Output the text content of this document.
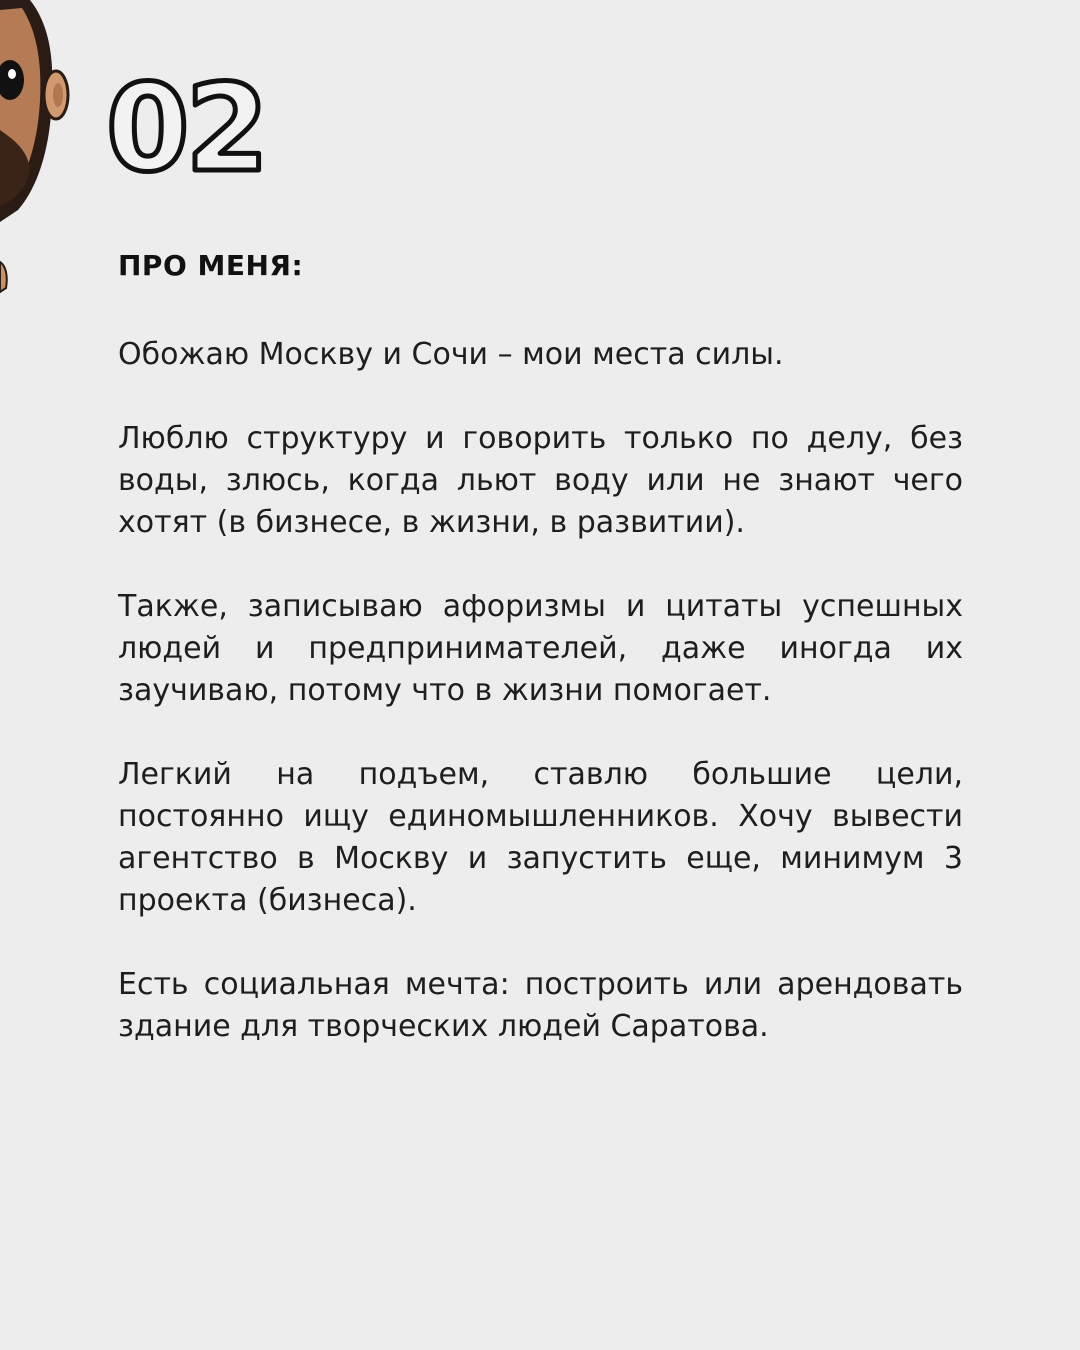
02
ПРО МЕНЯ:

Обожаю Москву и Сочи – мои места силы.

Люблю структуру и говорить только по делу, без воды, злюсь, когда льют воду или не знают чего хотят (в бизнесе, в жизни, в развитии).

Также, записываю афоризмы и цитаты успешных людей и предпринимателей, даже иногда их заучиваю, потому что в жизни помогает.

Легкий на подъем, ставлю большие цели, постоянно ищу единомышленников. Хочу вывести агентство в Москву и запустить еще, минимум 3 проекта (бизнеса).

Есть социальная мечта: построить или арендовать здание для творческих людей Саратова.
